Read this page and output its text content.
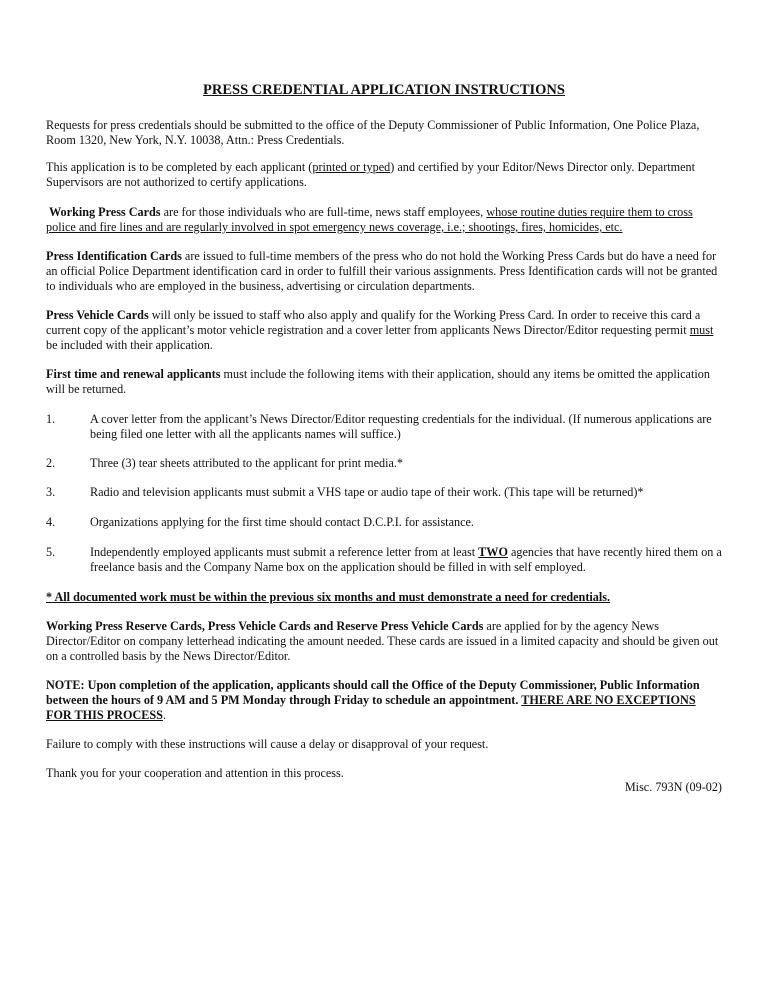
PRESS CREDENTIAL APPLICATION INSTRUCTIONS

Requests for press credentials should be submitted to the office of the Deputy Commissioner of Public Information, One Police Plaza, Room 1320, New York, N.Y. 10038, Attn.: Press Credentials.

This application is to be completed by each applicant (printed or typed) and certified by your Editor/News Director only. Department Supervisors are not authorized to certify applications.

Working Press Cards are for those individuals who are full-time, news staff employees, whose routine duties require them to cross police and fire lines and are regularly involved in spot emergency news coverage, i.e.; shootings, fires, homicides, etc.

Press Identification Cards are issued to full-time members of the press who do not hold the Working Press Cards but do have a need for an official Police Department identification card in order to fulfill their various assignments. Press Identification cards will not be granted to individuals who are employed in the business, advertising or circulation departments.

Press Vehicle Cards will only be issued to staff who also apply and qualify for the Working Press Card. In order to receive this card a current copy of the applicant’s motor vehicle registration and a cover letter from applicants News Director/Editor requesting permit must be included with their application.

First time and renewal applicants must include the following items with their application, should any items be omitted the application will be returned.

1.	A cover letter from the applicant’s News Director/Editor requesting credentials for the individual. (If numerous applications are being filed one letter with all the applicants names will suffice.)
2.	Three (3) tear sheets attributed to the applicant for print media.*
3.	Radio and television applicants must submit a VHS tape or audio tape of their work. (This tape will be returned)*
4.	Organizations applying for the first time should contact D.C.P.I. for assistance.
5.	Independently employed applicants must submit a reference letter from at least TWO agencies that have recently hired them on a freelance basis and the Company Name box on the application should be filled in with self employed.

* All documented work must be within the previous six months and must demonstrate a need for credentials.

Working Press Reserve Cards, Press Vehicle Cards and Reserve Press Vehicle Cards are applied for by the agency News Director/Editor on company letterhead indicating the amount needed. These cards are issued in a limited capacity and should be given out on a controlled basis by the News Director/Editor.

NOTE: Upon completion of the application, applicants should call the Office of the Deputy Commissioner, Public Information between the hours of 9 AM and 5 PM Monday through Friday to schedule an appointment. THERE ARE NO EXCEPTIONS FOR THIS PROCESS.

Failure to comply with these instructions will cause a delay or disapproval of your request.

Thank you for your cooperation and attention in this process.

Misc. 793N (09-02)
